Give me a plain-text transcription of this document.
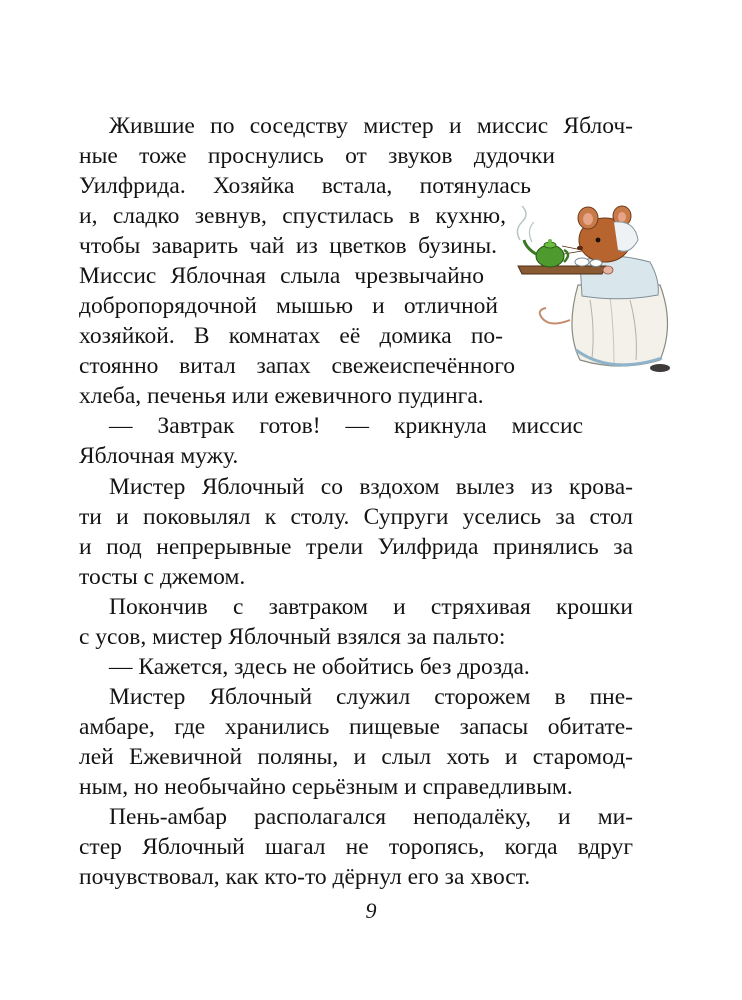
Жившие по соседству мистер и миссис Яблоч-
ные тоже проснулись от звуков дудочки
Уилфрида. Хозяйка встала, потянулась
и, сладко зевнув, спустилась в кухню,
чтобы заварить чай из цветков бузины.
Миссис Яблочная слыла чрезвычайно
добропорядочной мышью и отличной
хозяйкой. В комнатах её домика по-
стоянно витал запах свежеиспечённого
хлеба, печенья или ежевичного пудинга.
— Завтрак готов! — крикнула миссис
Яблочная мужу.
Мистер Яблочный со вздохом вылез из крова-
ти и поковылял к столу. Супруги уселись за стол
и под непрерывные трели Уилфрида принялись за
тосты с джемом.
Покончив с завтраком и стряхивая крошки
с усов, мистер Яблочный взялся за пальто:
— Кажется, здесь не обойтись без дрозда.
Мистер Яблочный служил сторожем в пне-
амбаре, где хранились пищевые запасы обитате-
лей Ежевичной поляны, и слыл хоть и старомод-
ным, но необычайно серьёзным и справедливым.
Пень-амбар располагался неподалёку, и ми-
стер Яблочный шагал не торопясь, когда вдруг
почувствовал, как кто-то дёрнул его за хвост.
9
